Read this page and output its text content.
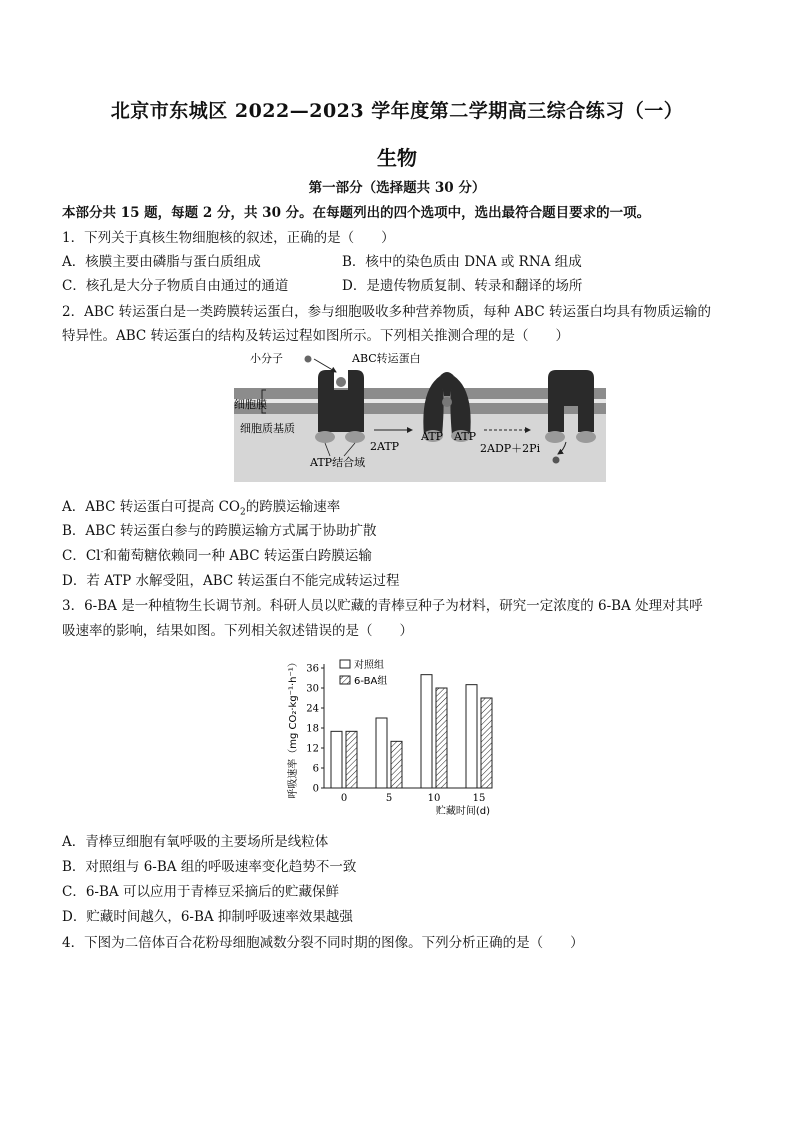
北京市东城区 2022—2023 学年度第二学期高三综合练习（一）
生物
第一部分（选择题共 30 分）
本部分共 15 题，每题 2 分，共 30 分。在每题列出的四个选项中，选出最符合题目要求的一项。
1．下列关于真核生物细胞核的叙述，正确的是（　　）
A．核膜主要由磷脂与蛋白质组成	B．核中的染色质由 DNA 或 RNA 组成
C．核孔是大分子物质自由通过的通道	D．是遗传物质复制、转录和翻译的场所
2．ABC 转运蛋白是一类跨膜转运蛋白，参与细胞吸收多种营养物质，每种 ABC 转运蛋白均具有物质运输的
特异性。ABC 转运蛋白的结构及转运过程如图所示。下列相关推测合理的是（　　）
小分子	ABC转运蛋白
细胞膜
细胞质基质
2ATP
ATP结合域
ATP ATP
2ADP＋2Pi
A．ABC 转运蛋白可提高 $CO_2$的跨膜运输速率
B．ABC 转运蛋白参与的跨膜运输方式属于协助扩散
C．Cl-和葡萄糖依赖同一种 ABC 转运蛋白跨膜运输
D．若 ATP 水解受阻，ABC 转运蛋白不能完成转运过程
3．6-BA 是一种植物生长调节剂。科研人员以贮藏的青棒豆种子为材料，研究一定浓度的 6-BA 处理对其呼
吸速率的影响，结果如图。下列相关叙述错误的是（　　）
0
6
12
18
24
30
36
0	5	10	15
贮藏时间(d)
呼吸速率（mg CO₂·kg⁻¹·h⁻¹）	对照组
6-BA组
A．青棒豆细胞有氧呼吸的主要场所是线粒体
B．对照组与 6-BA 组的呼吸速率变化趋势不一致
C．6-BA 可以应用于青棒豆采摘后的贮藏保鲜
D．贮藏时间越久，6-BA 抑制呼吸速率效果越强
4．下图为二倍体百合花粉母细胞减数分裂不同时期的图像。下列分析正确的是（　　）
